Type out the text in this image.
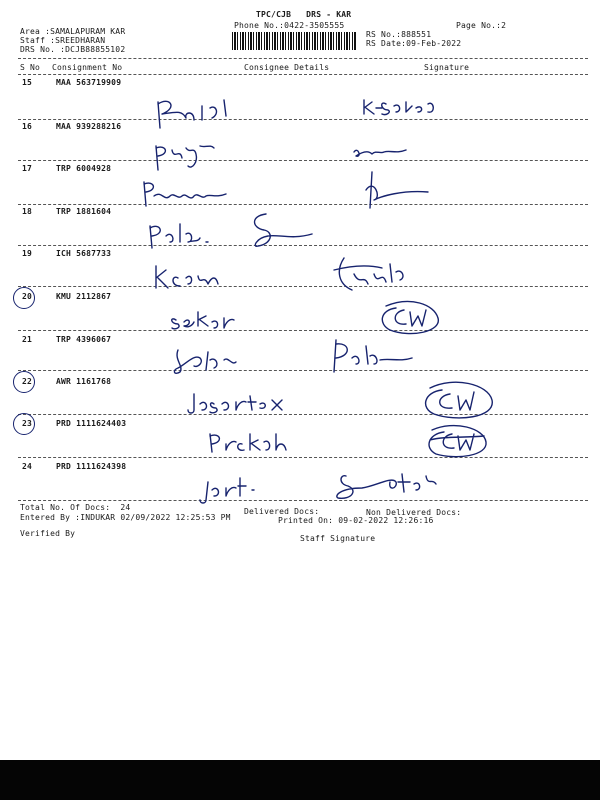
TPC/CJB   DRS - KAR
Phone No.:0422-3505555	Page No.:2
Area :SAMALAPURAM KAR
Staff :SREEDHARAN
DRS No. :DCJB88855102
RS No.:888551
RS Date:09-Feb-2022
S No Consignment No	Consignee Details	Signature
15	MAA 563719909
16	MAA 939288216
17	TRP 6004928
18	TRP 1881604
19	ICH 5687733
20	KMU 2112867
21	TRP 4396067
22	AWR 1161768
23	PRD 1111624403
24	PRD 1111624398
Total No. Of Docs:  24	Delivered Docs:	Non Delivered Docs:
Entered By :INDUKAR 02/09/2022 12:25:53 PM	Printed On: 09-02-2022 12:26:16
Verified By
Staff Signature
